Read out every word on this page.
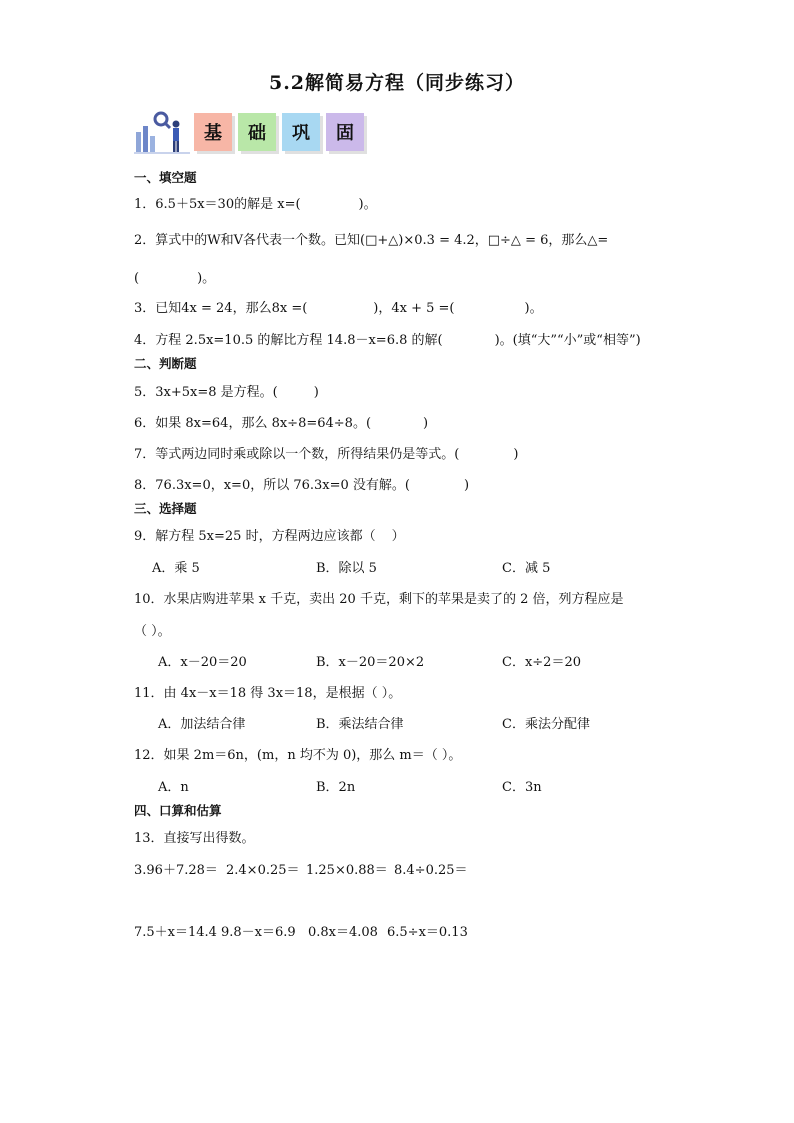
5.2解简易方程（同步练习）
基	础	巩	固
一、填空题
1．6.5＋5x＝30的解是 x=(	)。
2．算式中的W和V各代表一个数。已知(□+△)×0.3 = 4.2，□÷△ = 6，那么△=
(	)。
3．已知4x = 24，那么8x =(	)，4x + 5 =(	)。
4．方程 2.5x=10.5 的解比方程 14.8－x=6.8 的解(	)。(填“大”“小”或“相等”)
二、判断题
5．3x+5x=8 是方程。(	)
6．如果 8x=64，那么 8x÷8=64÷8。(	)
7．等式两边同时乘或除以一个数，所得结果仍是等式。(	)
8．76.3x=0，x=0，所以 76.3x=0 没有解。(	)
三、选择题
9．解方程 5x=25 时，方程两边应该都（ ）
A．乘 5	B．除以 5	C．减 5
10．水果店购进苹果 x 千克，卖出 20 千克，剩下的苹果是卖了的 2 倍，列方程应是
（ ）。
A．x－20＝20	B．x－20＝20×2	C．x÷2＝20
11．由 4x－x＝18 得 3x＝18，是根据（ ）。
A．加法结合律	B．乘法结合律	C．乘法分配律
12．如果 2m＝6n，(m，n 均不为 0)，那么 m＝（ ）。
A．n	B．2n	C．3n
四、口算和估算
13．直接写出得数。
3.96＋7.28＝ 2.4×0.25＝ 1.25×0.88＝ 8.4÷0.25＝
7.5＋x＝14.4 9.8－x＝6.9 0.8x＝4.08 6.5÷x＝0.13
